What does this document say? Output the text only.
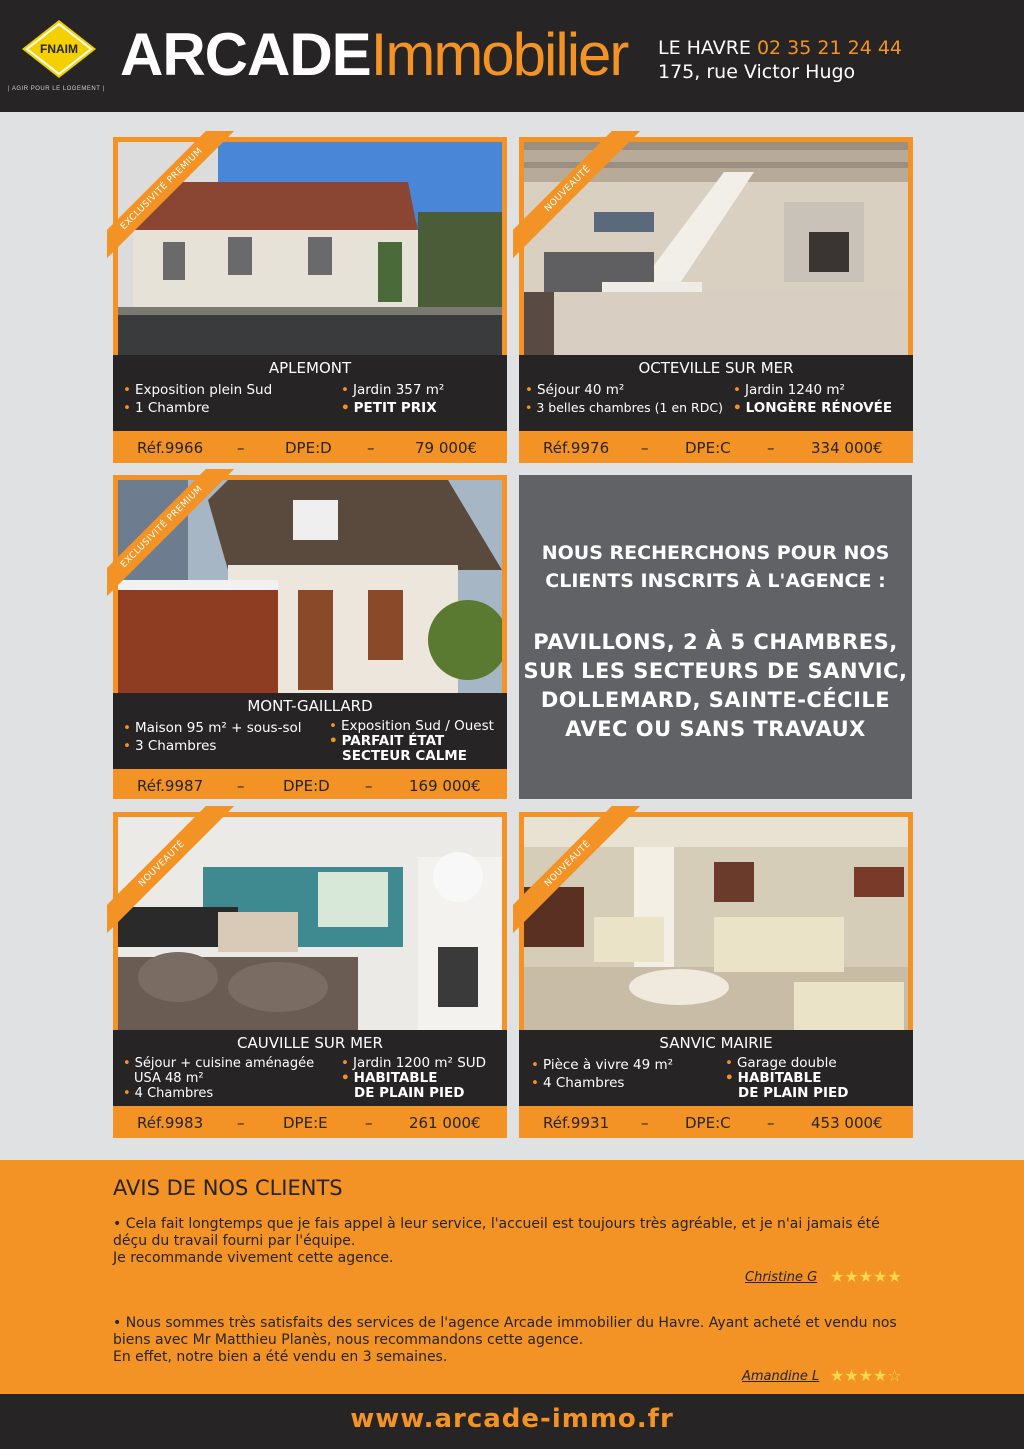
FNAIM
| AGIR POUR LE LOGEMENT |
ARCADEImmobilier LE HAVRE 02 35 21 24 44
175, rue Victor Hugo
EXCLUSIVITÉ PREMIUM
APLEMONT
• Exposition plein Sud
• 1 Chambre
• Jardin 357 m²
• PETIT PRIX
Réf.9966 –	DPE:D –	79 000€
NOUVEAUTÉ
OCTEVILLE SUR MER
• Séjour 40 m²
• 3 belles chambres (1 en RDC)
• Jardin 1240 m²
• LONGÈRE RÉNOVÉE
Réf.9976 – DPE:C – 334 000€
EXCLUSIVITÉ PREMIUM
MONT-GAILLARD
• Maison 95 m² + sous-sol
• 3 Chambres
• Exposition Sud / Ouest
• PARFAIT ÉTAT
SECTEUR CALME
Réf.9987 –	DPE:D – 169 000€
NOUS RECHERCHONS POUR NOS
CLIENTS INSCRITS À L'AGENCE :
PAVILLONS, 2 À 5 CHAMBRES,
SUR LES SECTEURS DE SANVIC,
DOLLEMARD, SAINTE-CÉCILE
AVEC OU SANS TRAVAUX
NOUVEAUTÉ
CAUVILLE SUR MER
• Séjour + cuisine aménagée
USA 48 m²
• 4 Chambres
• Jardin 1200 m² SUD
• HABITABLE
DE PLAIN PIED
Réf.9983 –	DPE:E – 261 000€
NOUVEAUTÉ
SANVIC MAIRIE
• Pièce à vivre 49 m²
• 4 Chambres
• Garage double
• HABITABLE
DE PLAIN PIED
Réf.9931 – DPE:C – 453 000€
AVIS DE NOS CLIENTS
• Cela fait longtemps que je fais appel à leur service, l'accueil est toujours très agréable, et je n'ai jamais été
déçu du travail fourni par l'équipe.
Je recommande vivement cette agence.
Christine G ★★★★★
• Nous sommes très satisfaits des services de l'agence Arcade immobilier du Havre. Ayant acheté et vendu nos
biens avec Mr Matthieu Planès, nous recommandons cette agence.
En effet, notre bien a été vendu en 3 semaines.
Amandine L ★★★★☆
www.arcade-immo.fr
